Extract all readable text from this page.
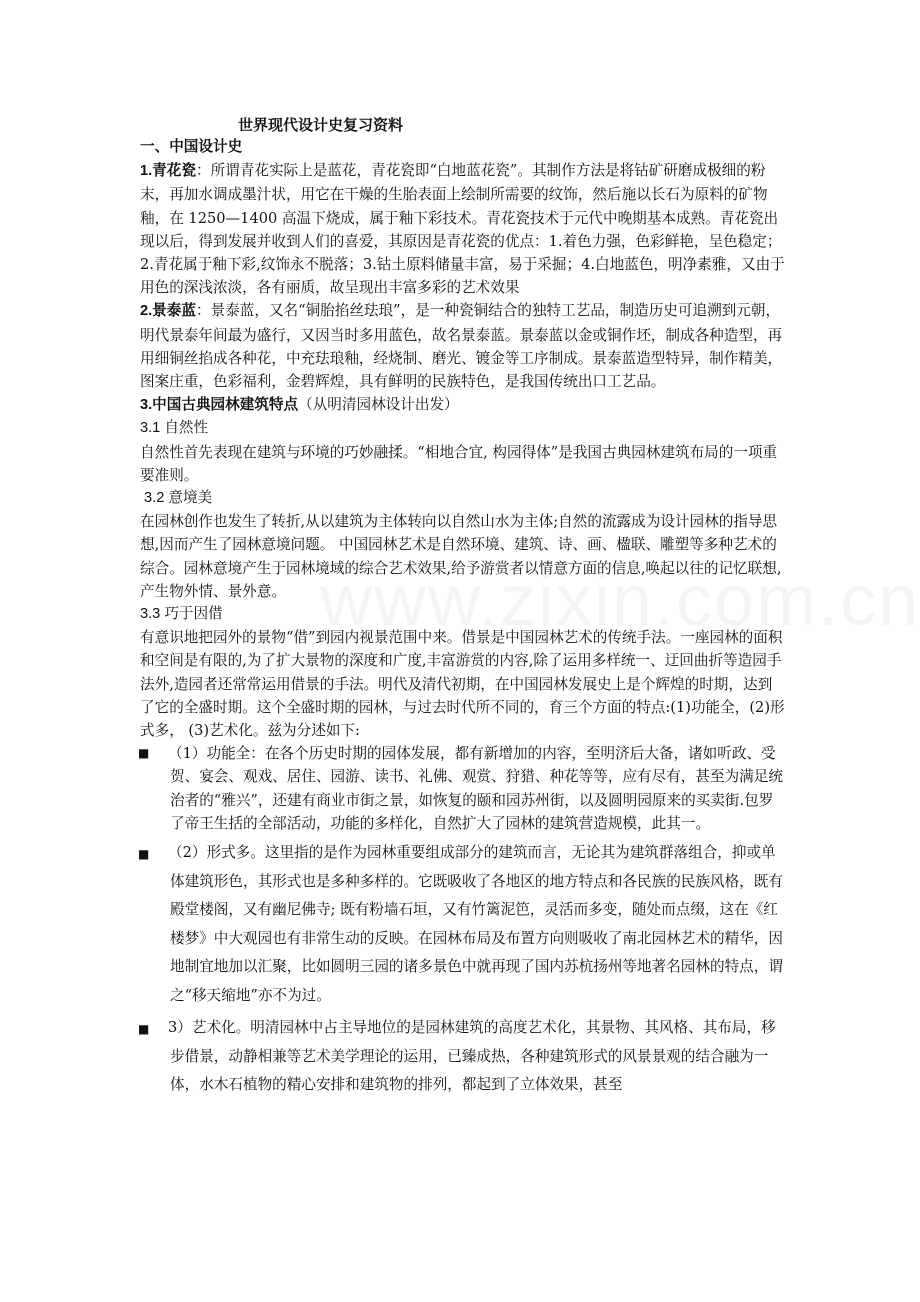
世界现代设计史复习资料

一、中国设计史

1.青花瓷：所谓青花实际上是蓝花，青花瓷即“白地蓝花瓷”。其制作方法是将钴矿研磨成极细的粉末，再加水调成墨汁状，用它在干燥的生胎表面上绘制所需要的纹饰，然后施以长石为原料的矿物釉，在 1250—1400 高温下烧成，属于釉下彩技术。青花瓷技术于元代中晚期基本成熟。青花瓷出现以后，得到发展并收到人们的喜爱，其原因是青花瓷的优点：1.着色力强，色彩鲜艳，呈色稳定；　2.青花属于釉下彩,纹饰永不脱落；3.钴土原料储量丰富，易于采掘；4.白地蓝色，明净素雅，又由于用色的深浅浓淡，各有丽质，故呈现出丰富多彩的艺术效果

2.景泰蓝：景泰蓝，又名“铜胎掐丝珐琅”，是一种瓷铜结合的独特工艺品，制造历史可追溯到元朝，明代景泰年间最为盛行，又因当时多用蓝色，故名景泰蓝。景泰蓝以金或铜作坯，制成各种造型，再用细铜丝掐成各种花，中充珐琅釉，经烧制、磨光、镀金等工序制成。景泰蓝造型特异，制作精美，图案庄重，色彩福利，金碧辉煌，具有鲜明的民族特色，是我国传统出口工艺品。

3.中国古典园林建筑特点（从明清园林设计出发）

3.1 自然性

自然性首先表现在建筑与环境的巧妙融揉。“相地合宜, 构园得体”是我国古典园林建筑布局的一项重要准则。

3.2 意境美

在园林创作也发生了转折,从以建筑为主体转向以自然山水为主体;自然的流露成为设计园林的指导思想,因而产生了园林意境问题。 中国园林艺术是自然环境、建筑、诗、画、楹联、雕塑等多种艺术的综合。园林意境产生于园林境域的综合艺术效果,给予游赏者以情意方面的信息,唤起以往的记忆联想,产生物外情、景外意。

3.3 巧于因借

有意识地把园外的景物“借”到园内视景范围中来。借景是中国园林艺术的传统手法。一座园林的面积和空间是有限的,为了扩大景物的深度和广度,丰富游赏的内容,除了运用多样统一、迂回曲折等造园手法外,造园者还常常运用借景的手法。明代及清代初期，在中国园林发展史上是个辉煌的时期，达到了它的全盛时期。这个全盛时期的园林，与过去时代所不同的，育三个方面的特点:(1)功能全，(2)形式多， (3)艺术化。兹为分述如下:

■ （1）功能全：在各个历史时期的园体发展，都有新增加的内容，至明济后大备，诸如听政、受贺、宴会、观戏、居住、园游、读书、礼佛、观赏、狩猎、种花等等，应有尽有，甚至为满足统治者的“雅兴”，还建有商业市街之景，如恢复的颐和园苏州街，以及圆明园原来的买卖街.包罗了帝王生括的全部活动，功能的多样化，自然扩大了园林的建筑营造规模，此其一。
■ （2）形式多。这里指的是作为园林重要组成部分的建筑而言，无论其为建筑群落组合，抑或单体建筑形色，其形式也是多种多样的。它既吸收了各地区的地方特点和各民族的民族风格，既有殿堂楼阁，又有幽尼佛寺; 既有粉墙石垣，又有竹篱泥笆，灵活而多变，随处而点缀，这在《红楼梦》中大观园也有非常生动的反映。在园林布局及布置方向则吸收了南北园林艺术的精华，因地制宜地加以汇聚，比如圆明三园的诸多景色中就再现了国内苏杭扬州等地著名园林的特点，谓之“移天缩地”亦不为过。
■ 3）艺术化。明清园林中占主导地位的是园林建筑的高度艺术化，其景物、其风格、其布局，移步借景，动静相兼等艺术美学理论的运用，已臻成热，各种建筑形式的风景景观的结合融为一体，水木石植物的精心安排和建筑物的排列，都起到了立体效果，甚至
